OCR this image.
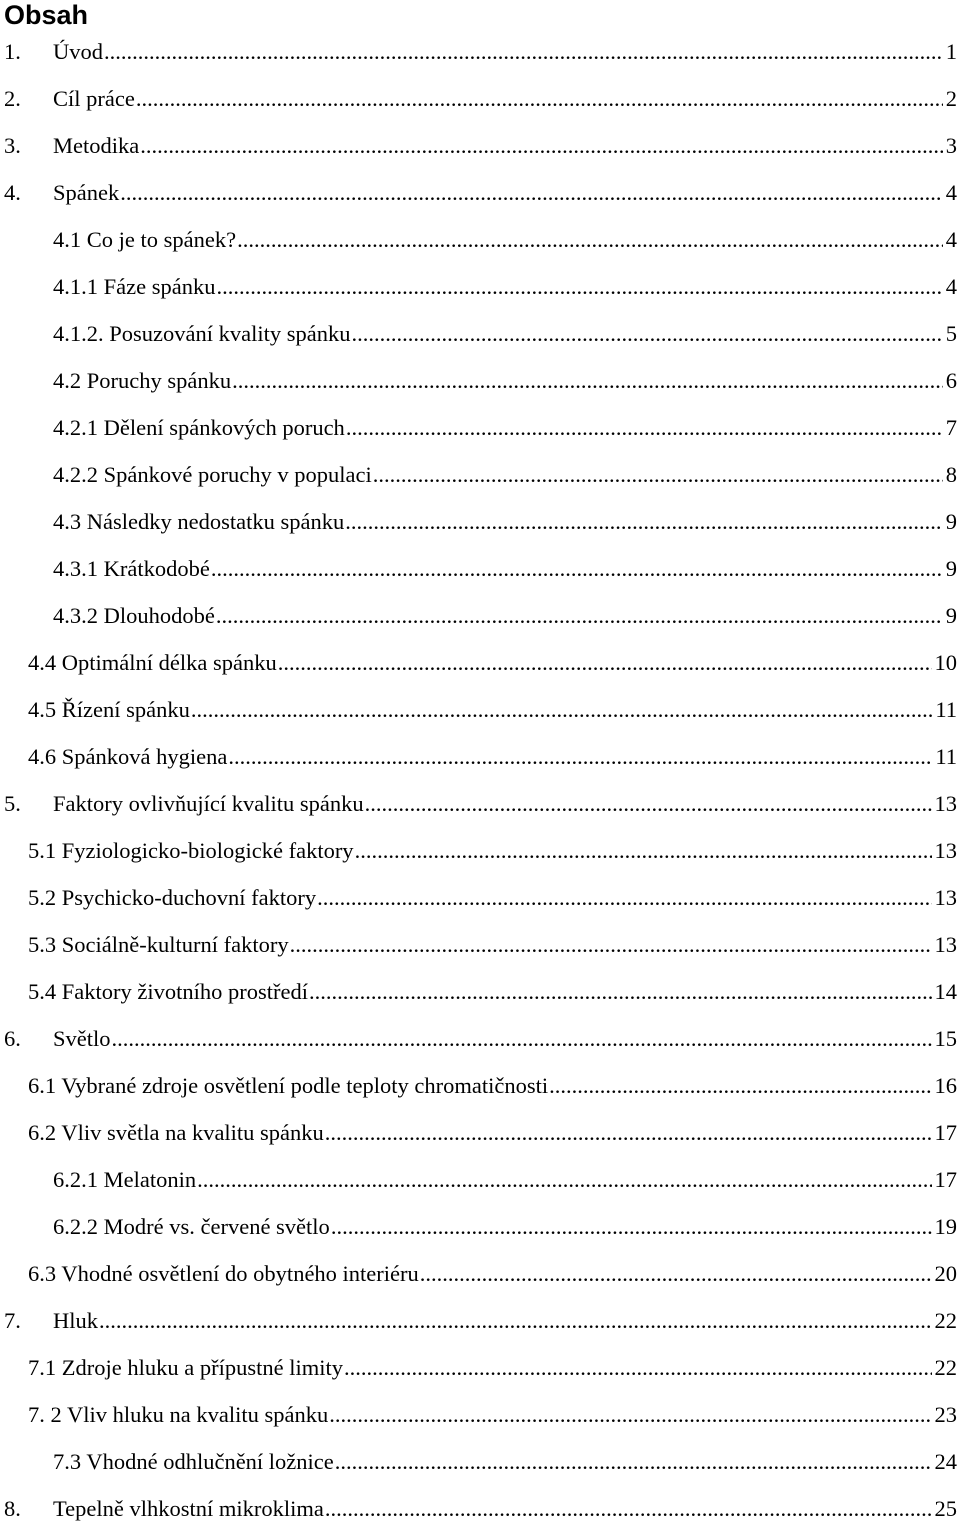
Obsah
1.	Úvod .....	1
2.	Cíl práce .....	2
3.	Metodika .....	3
4.	Spánek .....	4
4.1 Co je to spánek? .....	4
4.1.1 Fáze spánku .....	4
4.1.2. Posuzování kvality spánku .....	5
4.2 Poruchy spánku .....	6
4.2.1 Dělení spánkových poruch .....	7
4.2.2 Spánkové poruchy v populaci .....	8
4.3 Následky nedostatku spánku .....	9
4.3.1 Krátkodobé .....	9
4.3.2 Dlouhodobé .....	9
4.4 Optimální délka spánku .....	10
4.5 Řízení spánku .....	11
4.6 Spánková hygiena .....	11
5.	Faktory ovlivňující kvalitu spánku .....	13
5.1 Fyziologicko-biologické faktory .....	13
5.2 Psychicko-duchovní faktory .....	13
5.3 Sociálně-kulturní faktory .....	13
5.4 Faktory životního prostředí .....	14
6.	Světlo .....	15
6.1 Vybrané zdroje osvětlení podle teploty chromatičnosti .....	16
6.2 Vliv světla na kvalitu spánku .....	17
6.2.1 Melatonin .....	17
6.2.2 Modré vs. červené světlo .....	19
6.3 Vhodné osvětlení do obytného interiéru .....	20
7.	Hluk .....	22
7.1 Zdroje hluku a přípustné limity .....	22
7. 2 Vliv hluku na kvalitu spánku .....	23
7.3 Vhodné odhlučnění ložnice .....	24
8.	Tepelně vlhkostní mikroklima .....	25
